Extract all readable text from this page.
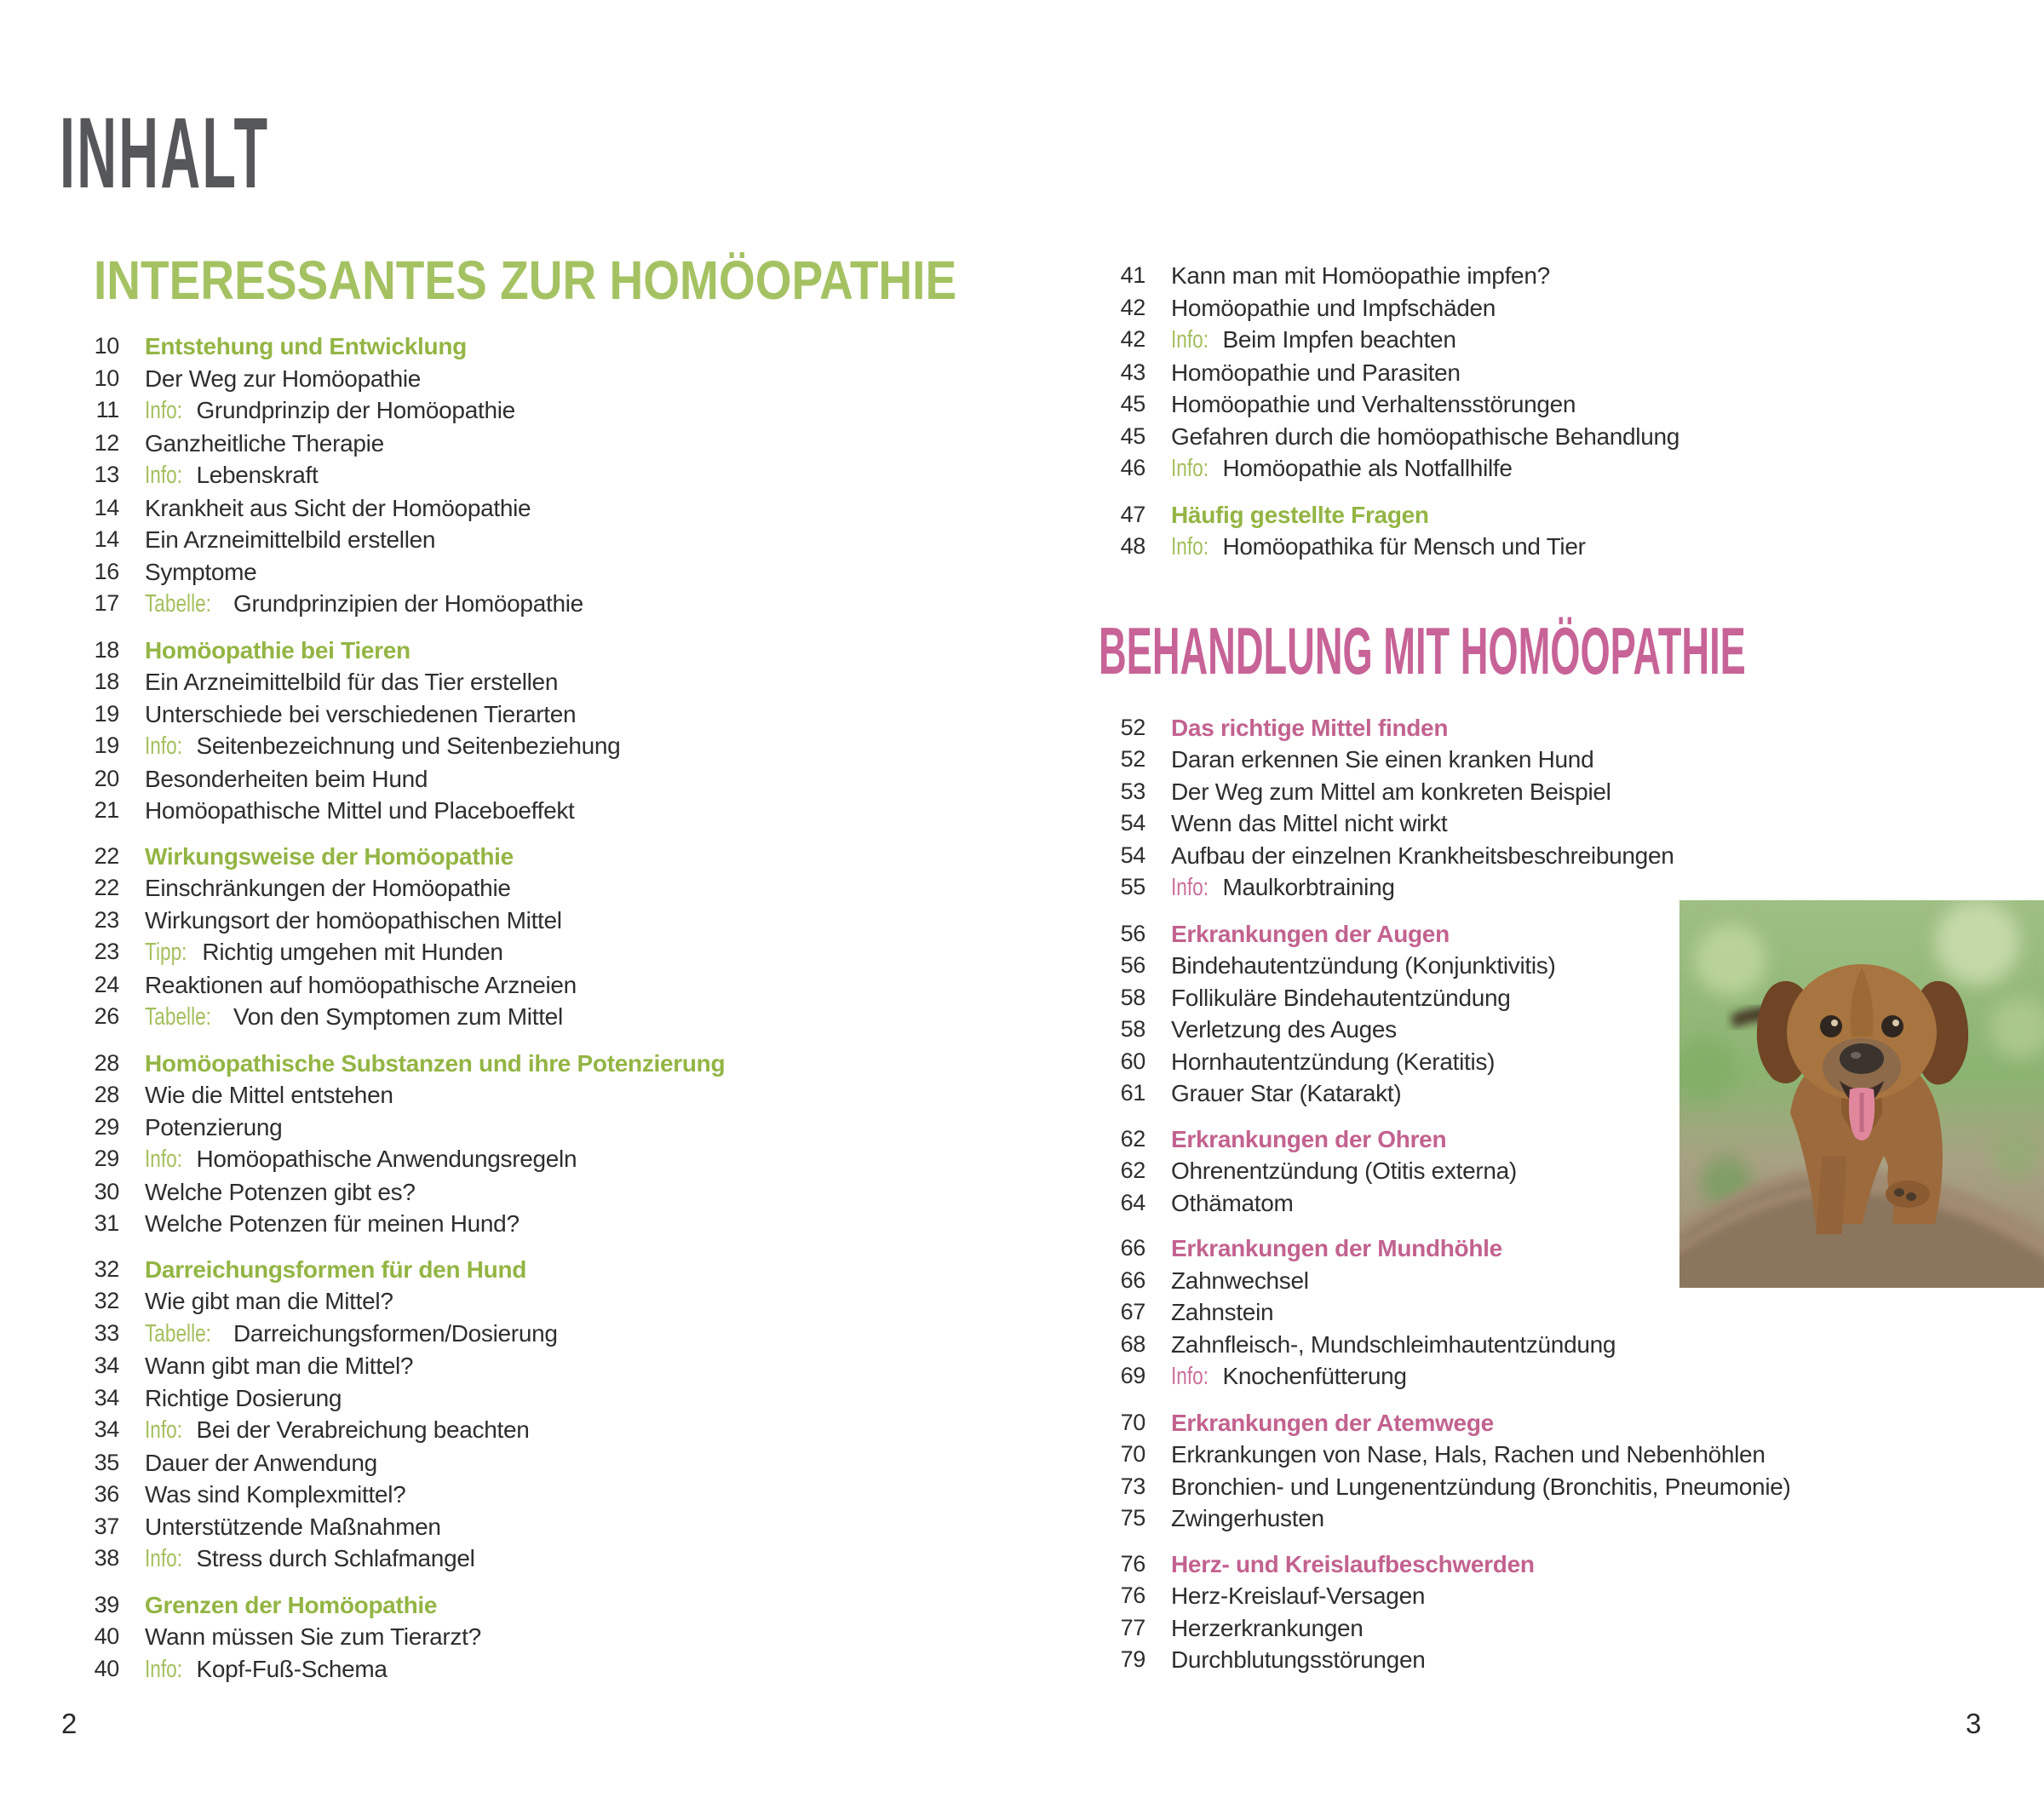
INHALT
INTERESSANTES ZUR HOMÖOPATHIE
10	Entstehung und Entwicklung
10	Der Weg zur Homöopathie
11	Info: Grundprinzip der Homöopathie
12	Ganzheitliche Therapie
13	Info: Lebenskraft
14	Krankheit aus Sicht der Homöopathie
14	Ein Arzneimittelbild erstellen
16	Symptome
17	Tabelle: Grundprinzipien der Homöopathie
18	Homöopathie bei Tieren
18	Ein Arzneimittelbild für das Tier erstellen
19	Unterschiede bei verschiedenen Tierarten
19	Info: Seitenbezeichnung und Seitenbeziehung
20	Besonderheiten beim Hund
21	Homöopathische Mittel und Placeboeffekt
22	Wirkungsweise der Homöopathie
22	Einschränkungen der Homöopathie
23	Wirkungsort der homöopathischen Mittel
23	Tipp: Richtig umgehen mit Hunden
24	Reaktionen auf homöopathische Arzneien
26	Tabelle: Von den Symptomen zum Mittel
28	Homöopathische Substanzen und ihre Potenzierung
28	Wie die Mittel entstehen
29	Potenzierung
29	Info: Homöopathische Anwendungsregeln
30	Welche Potenzen gibt es?
31	Welche Potenzen für meinen Hund?
32	Darreichungsformen für den Hund
32	Wie gibt man die Mittel?
33	Tabelle: Darreichungsformen/Dosierung
34	Wann gibt man die Mittel?
34	Richtige Dosierung
34	Info: Bei der Verabreichung beachten
35	Dauer der Anwendung
36	Was sind Komplexmittel?
37	Unterstützende Maßnahmen
38	Info: Stress durch Schlafmangel
39	Grenzen der Homöopathie
40	Wann müssen Sie zum Tierarzt?
40	Info: Kopf-Fuß-Schema
41	Kann man mit Homöopathie impfen?
42	Homöopathie und Impfschäden
42	Info: Beim Impfen beachten
43	Homöopathie und Parasiten
45	Homöopathie und Verhaltensstörungen
45	Gefahren durch die homöopathische Behandlung
46	Info: Homöopathie als Notfallhilfe
47	Häufig gestellte Fragen
48	Info: Homöopathika für Mensch und Tier
BEHANDLUNG MIT HOMÖOPATHIE
52	Das richtige Mittel finden
52	Daran erkennen Sie einen kranken Hund
53	Der Weg zum Mittel am konkreten Beispiel
54	Wenn das Mittel nicht wirkt
54	Aufbau der einzelnen Krankheitsbeschreibungen
55	Info: Maulkorbtraining
56	Erkrankungen der Augen
56	Bindehautentzündung (Konjunktivitis)
58	Follikuläre Bindehautentzündung
58	Verletzung des Auges
60	Hornhautentzündung (Keratitis)
61	Grauer Star (Katarakt)
62	Erkrankungen der Ohren
62	Ohrenentzündung (Otitis externa)
64	Othämatom
66	Erkrankungen der Mundhöhle
66	Zahnwechsel
67	Zahnstein
68	Zahnfleisch-, Mundschleimhautentzündung
69	Info: Knochenfütterung
70	Erkrankungen der Atemwege
70	Erkrankungen von Nase, Hals, Rachen und Nebenhöhlen
73	Bronchien- und Lungenentzündung (Bronchitis, Pneumonie)
75	Zwingerhusten
76	Herz- und Kreislaufbeschwerden
76	Herz-Kreislauf-Versagen
77	Herzerkrankungen
79	Durchblutungsstörungen
2	3
